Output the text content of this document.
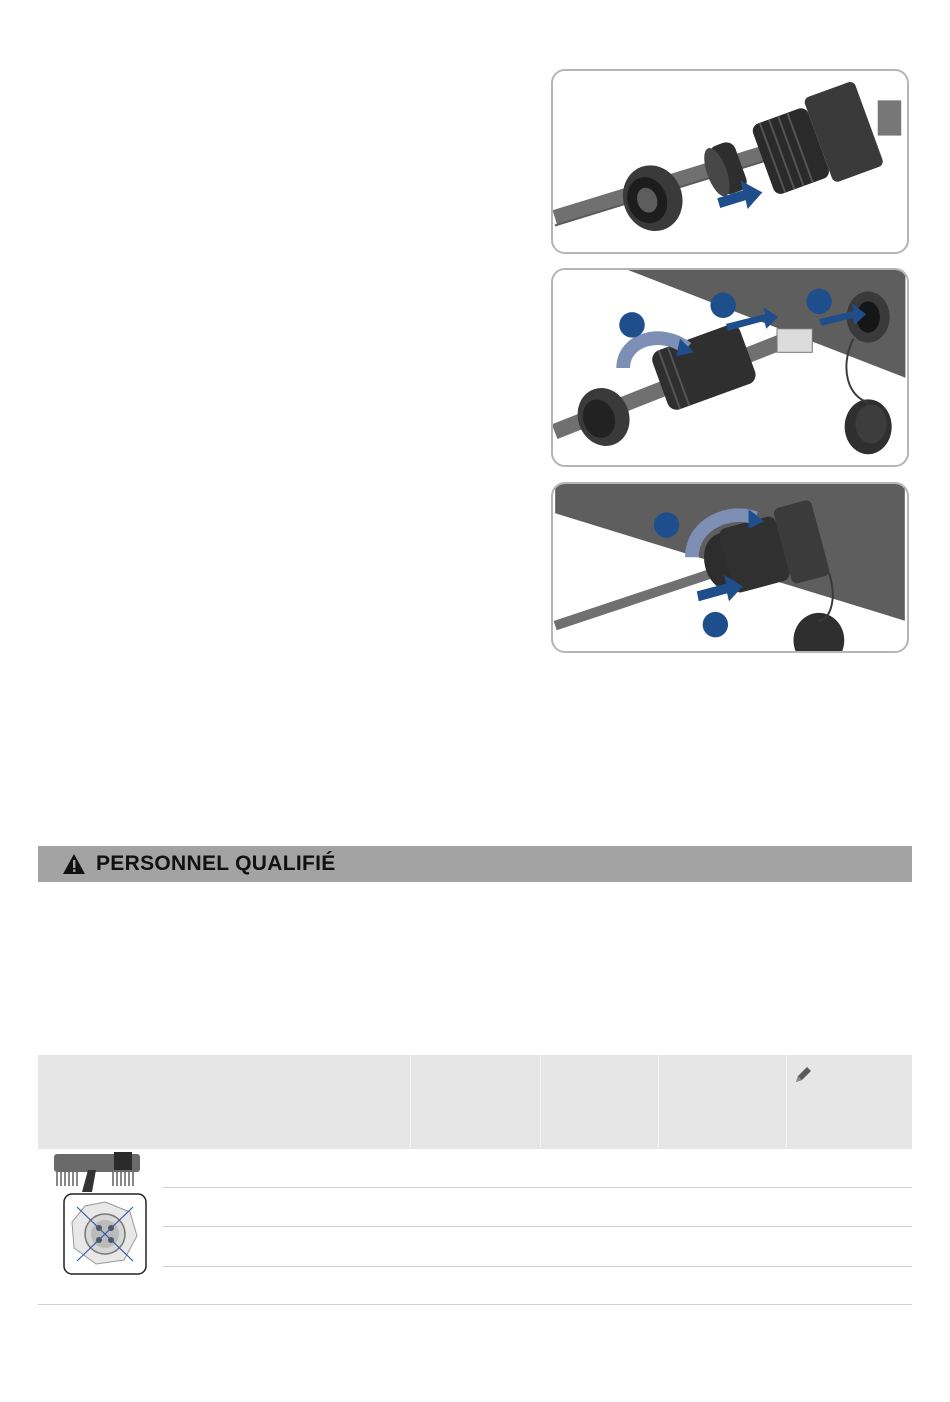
PERSONNEL QUALIFIÉ
